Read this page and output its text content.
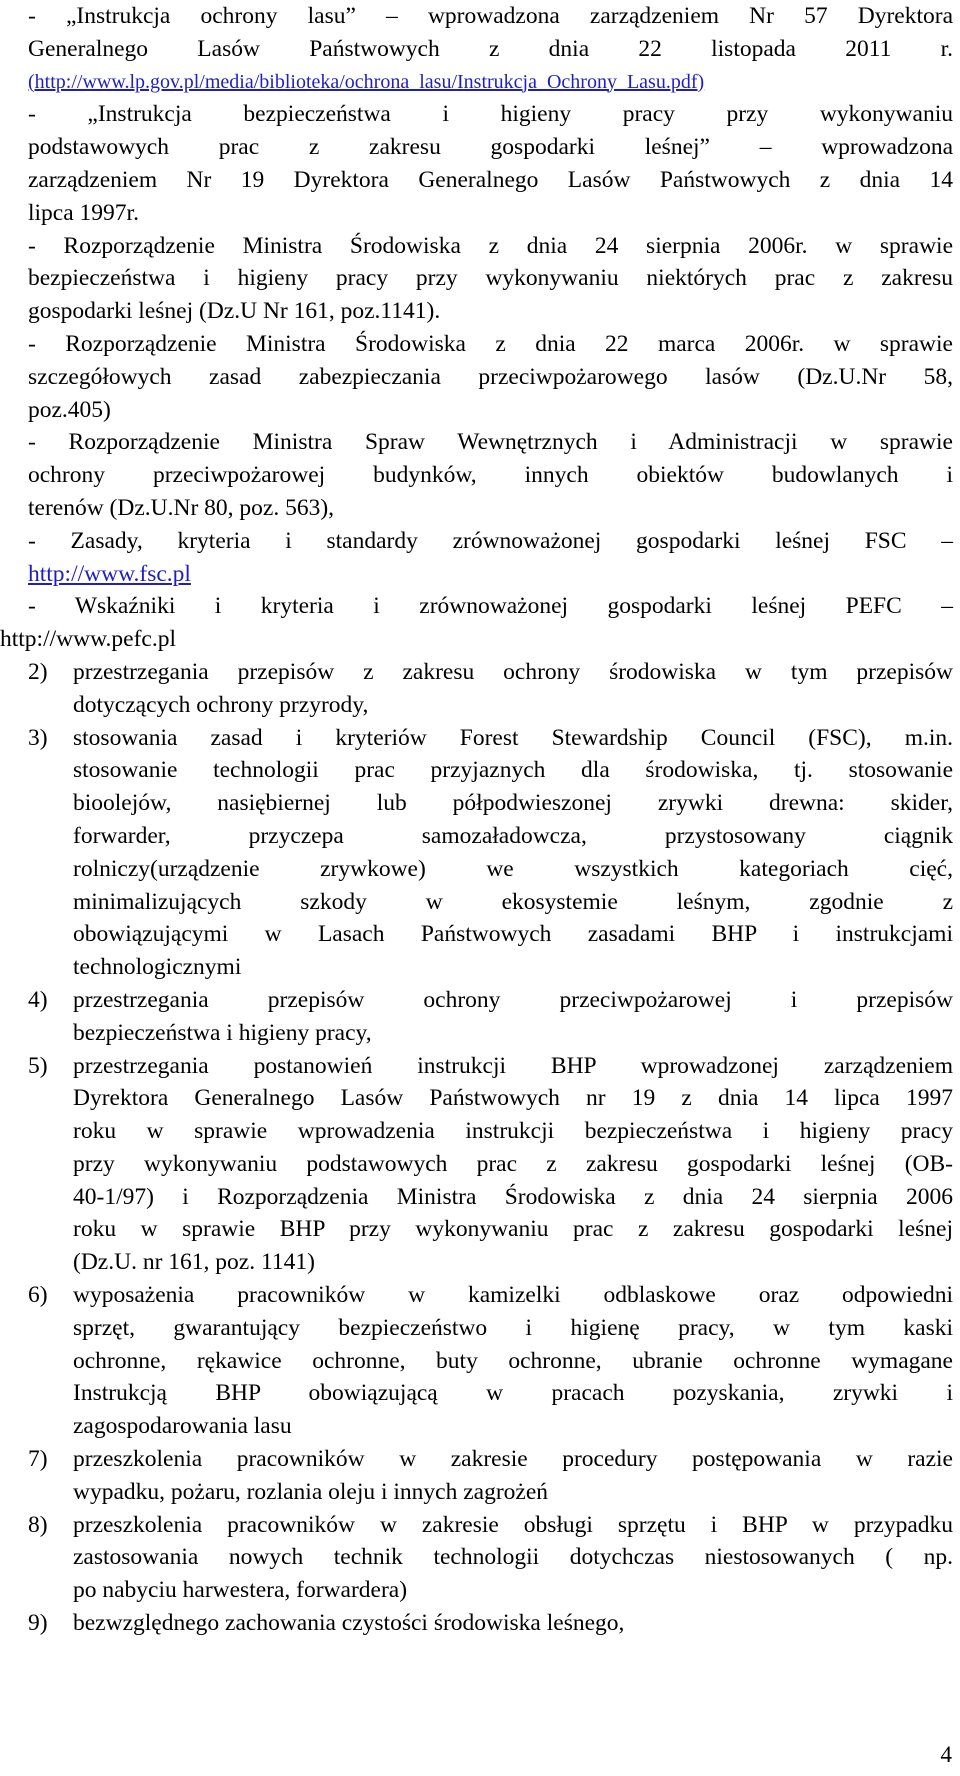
- „Instrukcja ochrony lasu” – wprowadzona zarządzeniem Nr 57 Dyrektora
Generalnego Lasów Państwowych z dnia 22 listopada 2011 r.
(http://www.lp.gov.pl/media/biblioteka/ochrona_lasu/Instrukcja_Ochrony_Lasu.pdf)
- „Instrukcja bezpieczeństwa i higieny pracy przy wykonywaniu
podstawowych prac z zakresu gospodarki leśnej” – wprowadzona
zarządzeniem Nr 19 Dyrektora Generalnego Lasów Państwowych z dnia 14
lipca 1997r.
- Rozporządzenie Ministra Środowiska z dnia 24 sierpnia 2006r. w sprawie
bezpieczeństwa i higieny pracy przy wykonywaniu niektórych prac z zakresu
gospodarki leśnej (Dz.U Nr 161, poz.1141).
- Rozporządzenie Ministra Środowiska z dnia 22 marca 2006r. w sprawie
szczegółowych zasad zabezpieczania przeciwpożarowego lasów (Dz.U.Nr 58,
poz.405)
- Rozporządzenie Ministra Spraw Wewnętrznych i Administracji w sprawie
ochrony przeciwpożarowej budynków, innych obiektów budowlanych i
terenów (Dz.U.Nr 80, poz. 563),
- Zasady, kryteria i standardy zrównoważonej gospodarki leśnej FSC –
http://www.fsc.pl
- Wskaźniki i kryteria i zrównoważonej gospodarki leśnej PEFC –
http://www.pefc.pl
2)	przestrzegania przepisów z zakresu ochrony środowiska w tym przepisów
dotyczących ochrony przyrody,
3)	stosowania zasad i kryteriów Forest Stewardship Council (FSC), m.in.
stosowanie technologii prac przyjaznych dla środowiska, tj. stosowanie
bioolejów, nasiębiernej lub półpodwieszonej zrywki drewna: skider,
forwarder, przyczepa samozaładowcza, przystosowany ciągnik
rolniczy(urządzenie zrywkowe) we wszystkich kategoriach cięć,
minimalizujących szkody w ekosystemie leśnym, zgodnie z
obowiązującymi w Lasach Państwowych zasadami BHP i instrukcjami
technologicznymi
4)	przestrzegania przepisów ochrony przeciwpożarowej i przepisów
bezpieczeństwa i higieny pracy,
5)	przestrzegania postanowień instrukcji BHP wprowadzonej zarządzeniem
Dyrektora Generalnego Lasów Państwowych nr 19 z dnia 14 lipca 1997
roku w sprawie wprowadzenia instrukcji bezpieczeństwa i higieny pracy
przy wykonywaniu podstawowych prac z zakresu gospodarki leśnej (OB-
40-1/97) i Rozporządzenia Ministra Środowiska z dnia 24 sierpnia 2006
roku w sprawie BHP przy wykonywaniu prac z zakresu gospodarki leśnej
(Dz.U. nr 161, poz. 1141)
6)	wyposażenia pracowników w kamizelki odblaskowe oraz odpowiedni
sprzęt, gwarantujący bezpieczeństwo i higienę pracy, w tym kaski
ochronne, rękawice ochronne, buty ochronne, ubranie ochronne wymagane
Instrukcją BHP obowiązującą w pracach pozyskania, zrywki i
zagospodarowania lasu
7)	przeszkolenia pracowników w zakresie procedury postępowania w razie
wypadku, pożaru, rozlania oleju i innych zagrożeń
8)	przeszkolenia pracowników w zakresie obsługi sprzętu i BHP w przypadku
zastosowania nowych technik technologii dotychczas niestosowanych ( np.
po nabyciu harwestera, forwardera)
9)	bezwzględnego zachowania czystości środowiska leśnego,
4
